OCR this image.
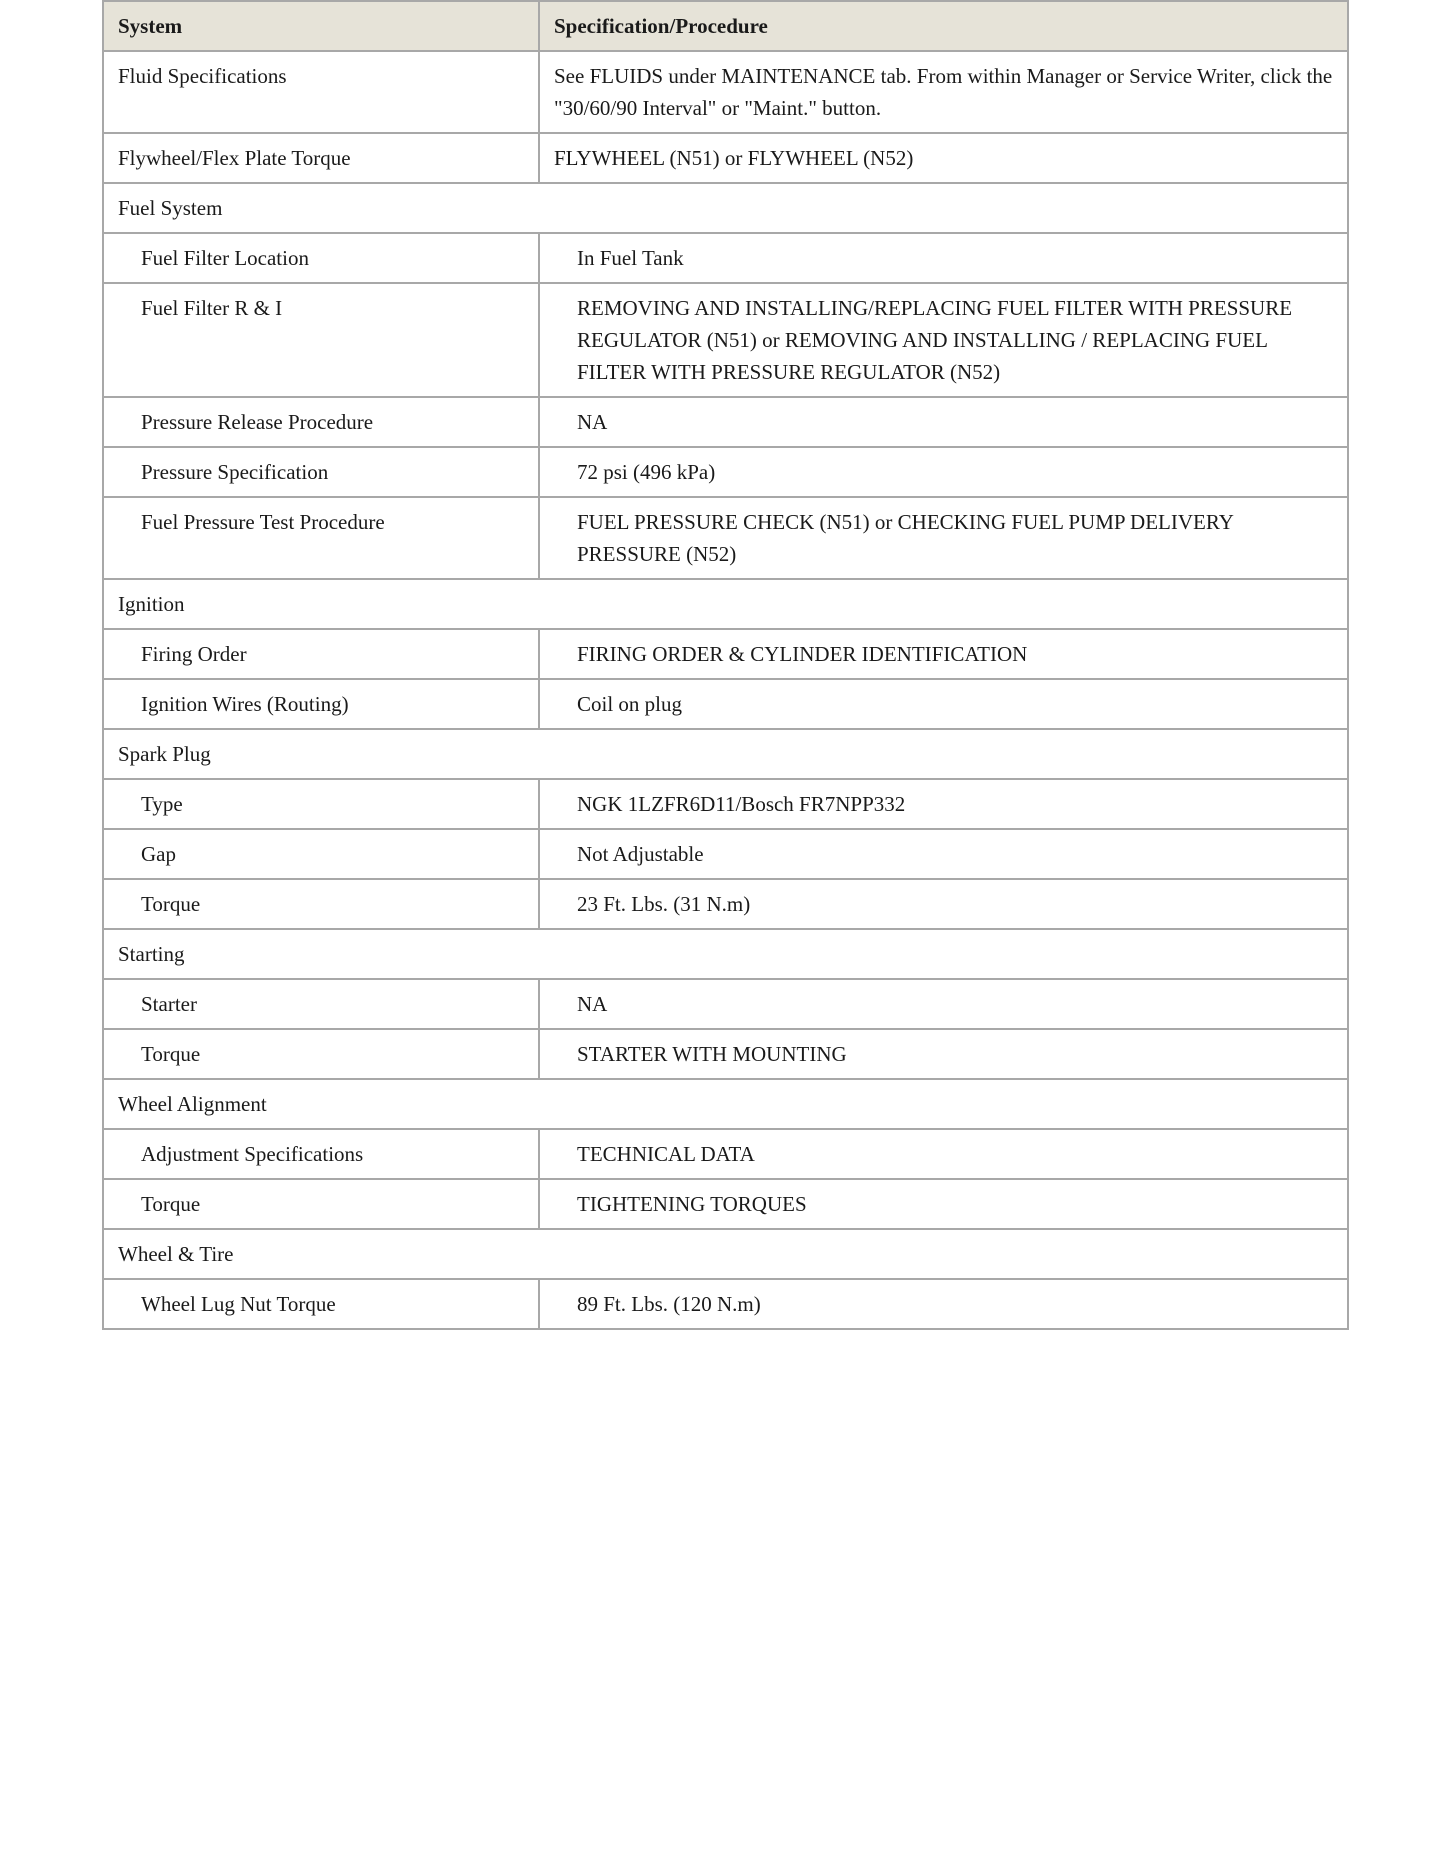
System	Specification/Procedure
Fluid Specifications	See FLUIDS under MAINTENANCE tab. From within Manager or Service Writer, click the "30/60/90 Interval" or "Maint." button.
Flywheel/Flex Plate Torque	FLYWHEEL (N51) or FLYWHEEL (N52)
Fuel System	
Fuel Filter Location	In Fuel Tank
Fuel Filter R & I	REMOVING AND INSTALLING/REPLACING FUEL FILTER WITH PRESSURE REGULATOR (N51) or REMOVING AND INSTALLING / REPLACING FUEL FILTER WITH PRESSURE REGULATOR (N52)
Pressure Release Procedure	NA
Pressure Specification	72 psi (496 kPa)
Fuel Pressure Test Procedure	FUEL PRESSURE CHECK (N51) or CHECKING FUEL PUMP DELIVERY PRESSURE (N52)
Ignition	
Firing Order	FIRING ORDER & CYLINDER IDENTIFICATION
Ignition Wires (Routing)	Coil on plug
Spark Plug	
Type	NGK 1LZFR6D11/Bosch FR7NPP332
Gap	Not Adjustable
Torque	23 Ft. Lbs. (31 N.m)
Starting	
Starter	NA
Torque	STARTER WITH MOUNTING
Wheel Alignment	
Adjustment Specifications	TECHNICAL DATA
Torque	TIGHTENING TORQUES
Wheel & Tire	
Wheel Lug Nut Torque	89 Ft. Lbs. (120 N.m)
